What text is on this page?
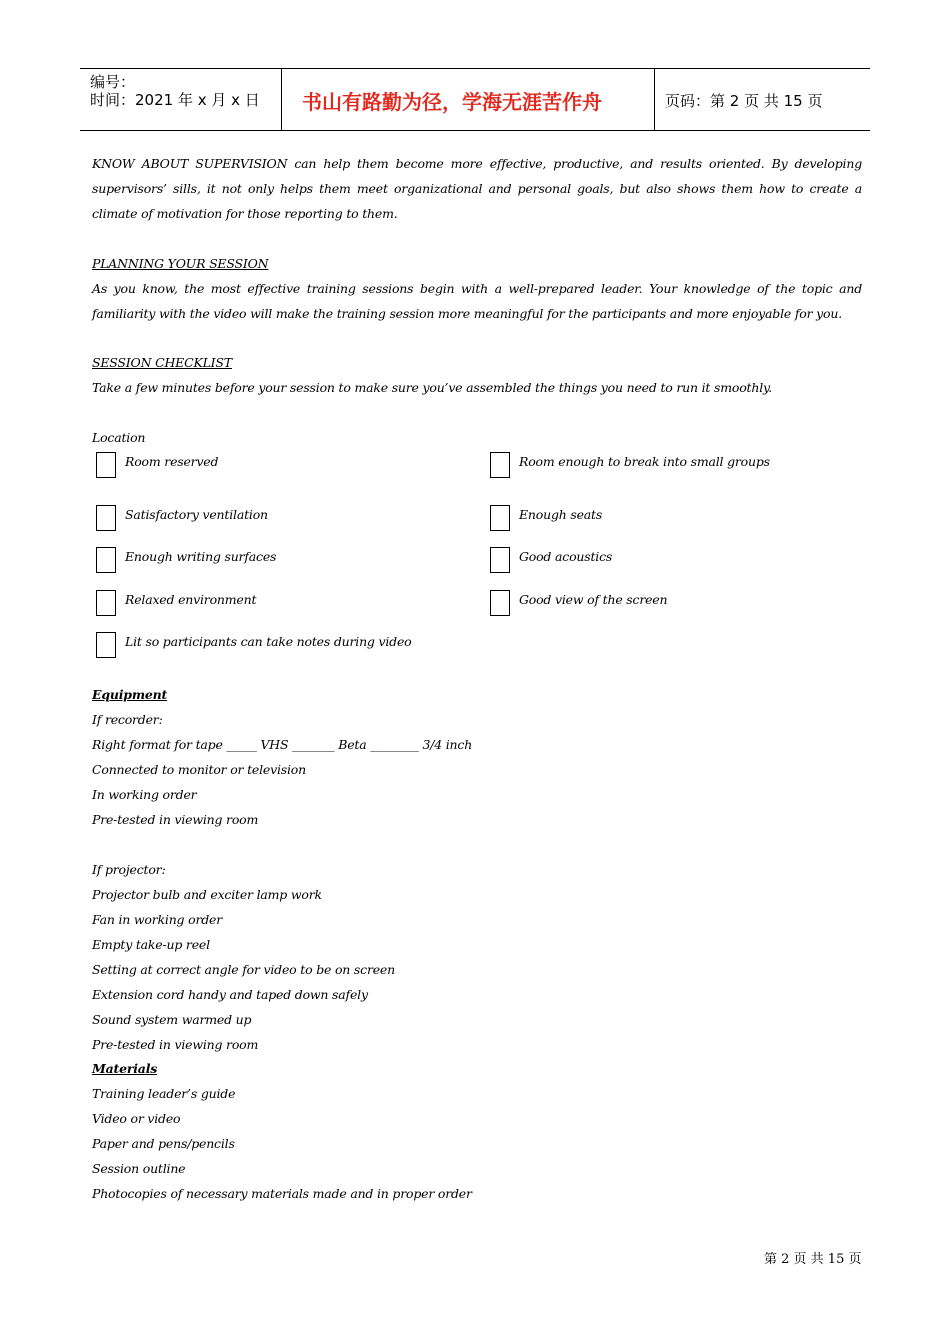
编号：
时间：2021 年 x 月 x 日 书山有路勤为径，学海无涯苦作舟	页码：第 2 页 共 15 页
KNOW ABOUT SUPERVISION can help them become more effective, productive, and results oriented. By developing supervisors’ sills, it not only helps them meet organizational and personal goals, but also shows them how to create a climate of motivation for those reporting to them.
PLANNING YOUR SESSION
As you know, the most effective training sessions begin with a well-prepared leader. Your knowledge of the topic and familiarity with the video will make the training session more meaningful for the participants and more enjoyable for you.
SESSION CHECKLIST
Take a few minutes before your session to make sure you’ve assembled the things you need to run it smoothly.
Location
Room reserved
Satisfactory ventilation
Enough writing surfaces
Relaxed environment
Lit so participants can take notes during video
Room enough to break into small groups
Enough seats
Good acoustics
Good view of the screen
Equipment
If recorder:
Right format for tape _____ VHS _______ Beta ________ 3/4 inch
Connected to monitor or television
In working order
Pre-tested in viewing room
If projector:
Projector bulb and exciter lamp work
Fan in working order
Empty take-up reel
Setting at correct angle for video to be on screen
Extension cord handy and taped down safely
Sound system warmed up
Pre-tested in viewing room
Materials
Training leader’s guide
Video or video
Paper and pens/pencils
Session outline
Photocopies of necessary materials made and in proper order
第 2 页 共 15 页
